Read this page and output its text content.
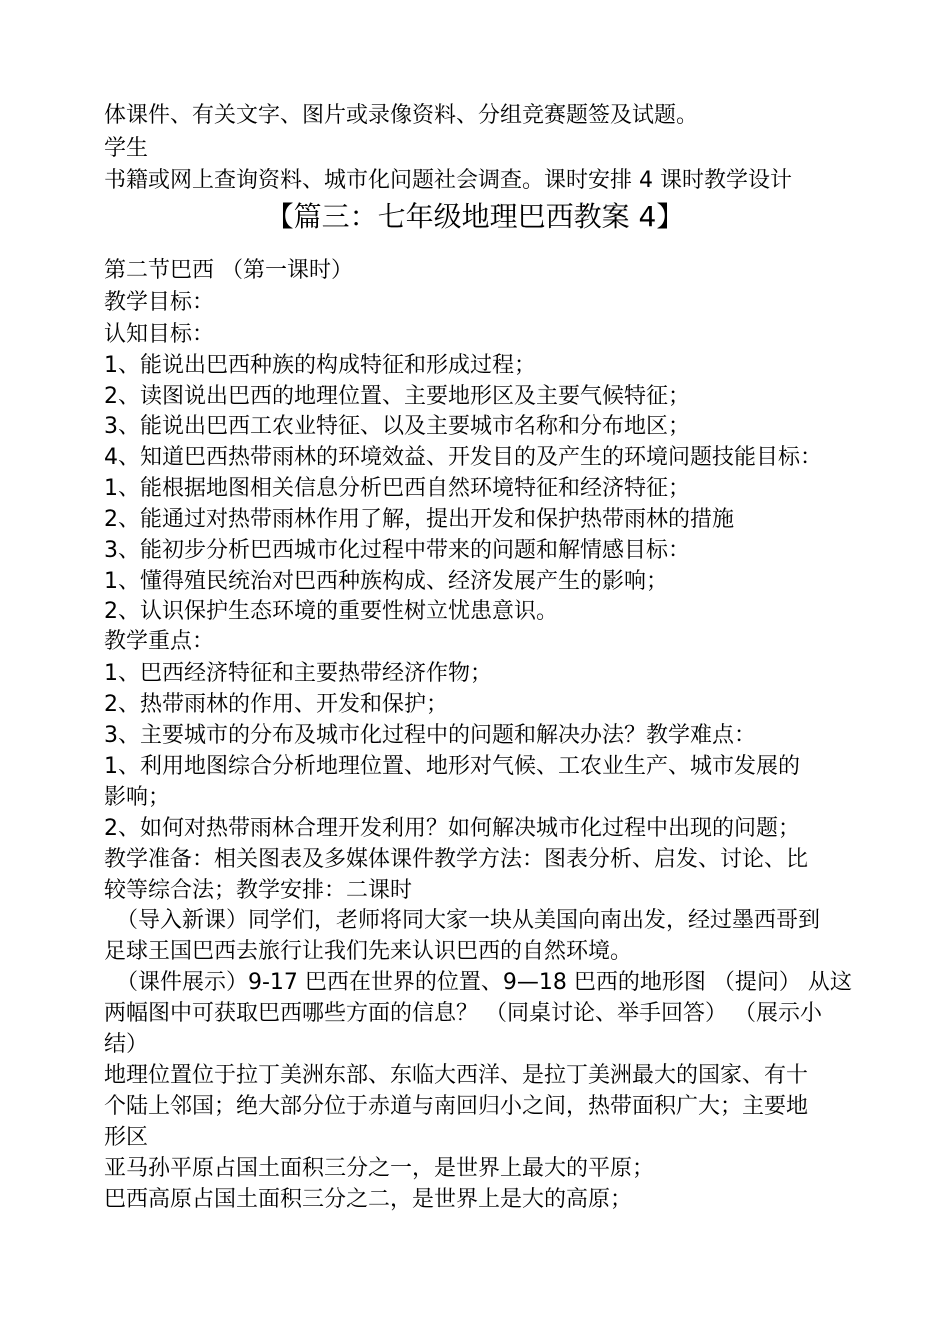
体课件、有关文字、图片或录像资料、分组竞赛题签及试题。
学生
书籍或网上查询资料、城市化问题社会调查。课时安排 4 课时教学设计
【篇三：七年级地理巴西教案 4】
第二节巴西 （第一课时）
教学目标：
认知目标：
1、能说出巴西种族的构成特征和形成过程；
2、读图说出巴西的地理位置、主要地形区及主要气候特征；
3、能说出巴西工农业特征、以及主要城市名称和分布地区；
4、知道巴西热带雨林的环境效益、开发目的及产生的环境问题技能目标：
1、能根据地图相关信息分析巴西自然环境特征和经济特征；
2、能通过对热带雨林作用了解，提出开发和保护热带雨林的措施
3、能初步分析巴西城市化过程中带来的问题和解情感目标：
1、懂得殖民统治对巴西种族构成、经济发展产生的影响；
2、认识保护生态环境的重要性树立忧患意识。
教学重点：
1、巴西经济特征和主要热带经济作物；
2、热带雨林的作用、开发和保护；
3、主要城市的分布及城市化过程中的问题和解决办法？教学难点：
1、利用地图综合分析地理位置、地形对气候、工农业生产、城市发展的
影响；
2、如何对热带雨林合理开发利用？如何解决城市化过程中出现的问题；
教学准备：相关图表及多媒体课件教学方法：图表分析、启发、讨论、比
较等综合法；教学安排：二课时
（导入新课）同学们，老师将同大家一块从美国向南出发，经过墨西哥到
足球王国巴西去旅行让我们先来认识巴西的自然环境。
（课件展示）9-17 巴西在世界的位置、9—18 巴西的地形图 （提问） 从这
两幅图中可获取巴西哪些方面的信息？ （同桌讨论、举手回答） （展示小
结）
地理位置位于拉丁美洲东部、东临大西洋、是拉丁美洲最大的国家、有十
个陆上邻国；绝大部分位于赤道与南回归小之间，热带面积广大；主要地
形区
亚马孙平原占国土面积三分之一，是世界上最大的平原；
巴西高原占国土面积三分之二，是世界上是大的高原；
